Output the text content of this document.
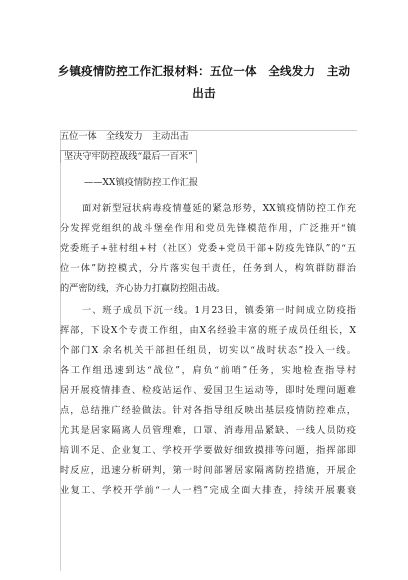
乡镇疫情防控工作汇报材料：五位一体　全线发力　主动
出击
五位一体　全线发力　主动出击
坚决守牢防控战线“最后一百米”
——XX镇疫情防控工作汇报
面对新型冠状病毒疫情蔓延的紧急形势，XX镇疫情防控工作充
分发挥党组织的战斗堡垒作用和党员先锋模范作用，广泛推开“镇
党委班子+驻村组+村（社区）党委+党员干部+防疫先锋队”的“五
位一体”防控模式，分片落实包干责任，任务到人，构筑群防群治
的严密防线，齐心协力打赢防控阻击战。
一、班子成员下沉一线。1月23日，镇委第一时间成立防疫指
挥部，下设X个专责工作组，由X名经验丰富的班子成员任组长，X
个部门X 余名机关干部担任组员，切实以“战时状态”投入一线。
各工作组迅速到达“战位”，肩负“前哨”任务，实地检查指导村
居开展疫情排查、检疫站运作、爱国卫生运动等，即时处理问题难
点，总结推广经验做法。针对各指导组反映出基层疫情防控难点，
尤其是居家隔离人员管理难，口罩、消毒用品紧缺、一线人员防疫
培训不足、企业复工、学校开学要做好细致摸排等问题，指挥部即
时反应，迅速分析研判，第一时间部署居家隔离防控措施，开展企
业复工、学校开学前“一人一档”完成全面大排查，持续开展裹衰
